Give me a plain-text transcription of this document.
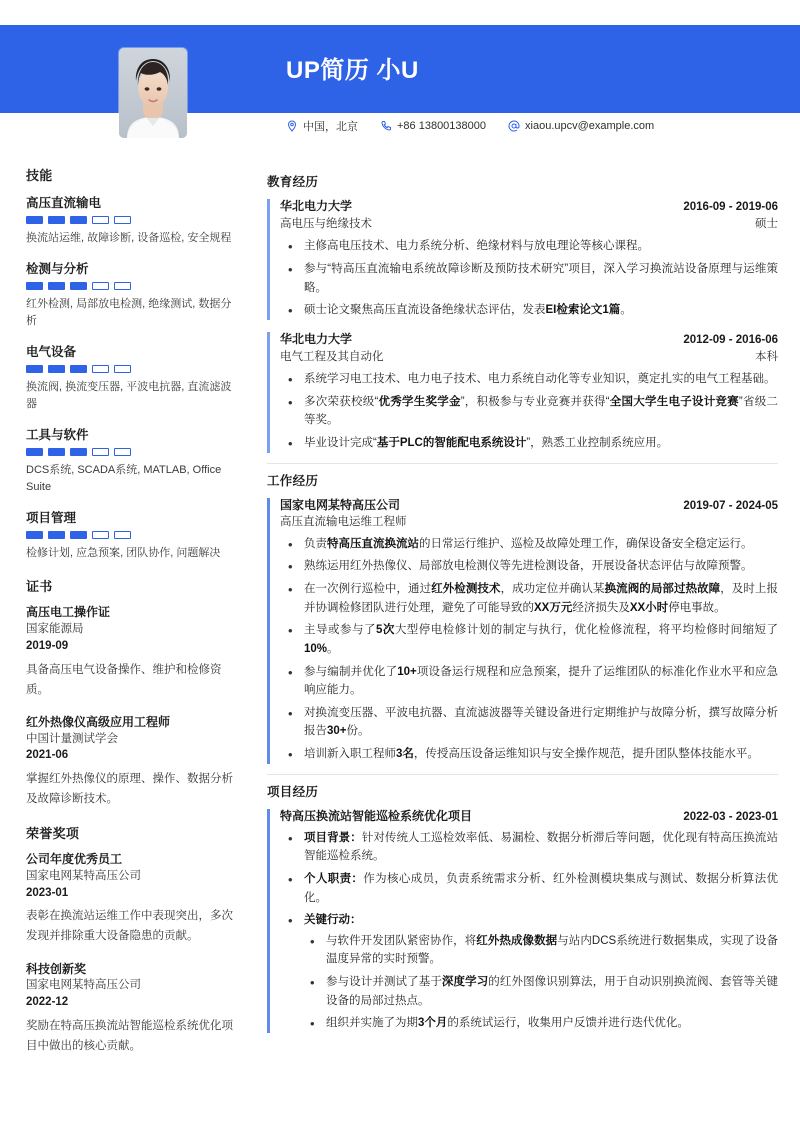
UP简历 小U
中国，北京	+86 13800138000	xiaou.upcv@example.com
技能
高压直流输电
换流站运维, 故障诊断, 设备巡检, 安全规程
检测与分析
红外检测, 局部放电检测, 绝缘测试, 数据分析
电气设备
换流阀, 换流变压器, 平波电抗器, 直流滤波器
工具与软件
DCS系统, SCADA系统, MATLAB, Office Suite
项目管理
检修计划, 应急预案, 团队协作, 问题解决
证书
高压电工操作证
国家能源局
2019-09
具备高压电气设备操作、维护和检修资质。
红外热像仪高级应用工程师
中国计量测试学会
2021-06
掌握红外热像仪的原理、操作、数据分析及故障诊断技术。
荣誉奖项
公司年度优秀员工
国家电网某特高压公司
2023-01
表彰在换流站运维工作中表现突出，多次发现并排除重大设备隐患的贡献。
科技创新奖
国家电网某特高压公司
2022-12
奖励在特高压换流站智能巡检系统优化项目中做出的核心贡献。
教育经历
华北电力大学	2016-09 - 2019-06
高电压与绝缘技术	硕士
• 主修高电压技术、电力系统分析、绝缘材料与放电理论等核心课程。
• 参与“特高压直流输电系统故障诊断及预防技术研究”项目，深入学习换流站设备原理与运维策略。
• 硕士论文聚焦高压直流设备绝缘状态评估，发表EI检索论文1篇。
华北电力大学	2012-09 - 2016-06
电气工程及其自动化	本科
• 系统学习电工技术、电力电子技术、电力系统自动化等专业知识，奠定扎实的电气工程基础。
• 多次荣获校级“优秀学生奖学金”，积极参与专业竞赛并获得“全国大学生电子设计竞赛”省级二等奖。
• 毕业设计完成“基于PLC的智能配电系统设计”，熟悉工业控制系统应用。
工作经历
国家电网某特高压公司	2019-07 - 2024-05
高压直流输电运维工程师
• 负责特高压直流换流站的日常运行维护、巡检及故障处理工作，确保设备安全稳定运行。
• 熟练运用红外热像仪、局部放电检测仪等先进检测设备，开展设备状态评估与故障预警。
• 在一次例行巡检中，通过红外检测技术，成功定位并确认某换流阀的局部过热故障，及时上报并协调检修团队进行处理，避免了可能导致的XX万元经济损失及XX小时停电事故。
• 主导或参与了5次大型停电检修计划的制定与执行，优化检修流程，将平均检修时间缩短了10%。
• 参与编制并优化了10+项设备运行规程和应急预案，提升了运维团队的标准化作业水平和应急响应能力。
• 对换流变压器、平波电抗器、直流滤波器等关键设备进行定期维护与故障分析，撰写故障分析报告30+份。
• 培训新入职工程师3名，传授高压设备运维知识与安全操作规范，提升团队整体技能水平。
项目经历
特高压换流站智能巡检系统优化项目	2022-03 - 2023-01
• 项目背景：针对传统人工巡检效率低、易漏检、数据分析滞后等问题，优化现有特高压换流站智能巡检系统。
• 个人职责：作为核心成员，负责系统需求分析、红外检测模块集成与测试、数据分析算法优化。
• 关键行动：
• 与软件开发团队紧密协作，将红外热成像数据与站内DCS系统进行数据集成，实现了设备温度异常的实时预警。
• 参与设计并测试了基于深度学习的红外图像识别算法，用于自动识别换流阀、套管等关键设备的局部过热点。
• 组织并实施了为期3个月的系统试运行，收集用户反馈并进行迭代优化。
